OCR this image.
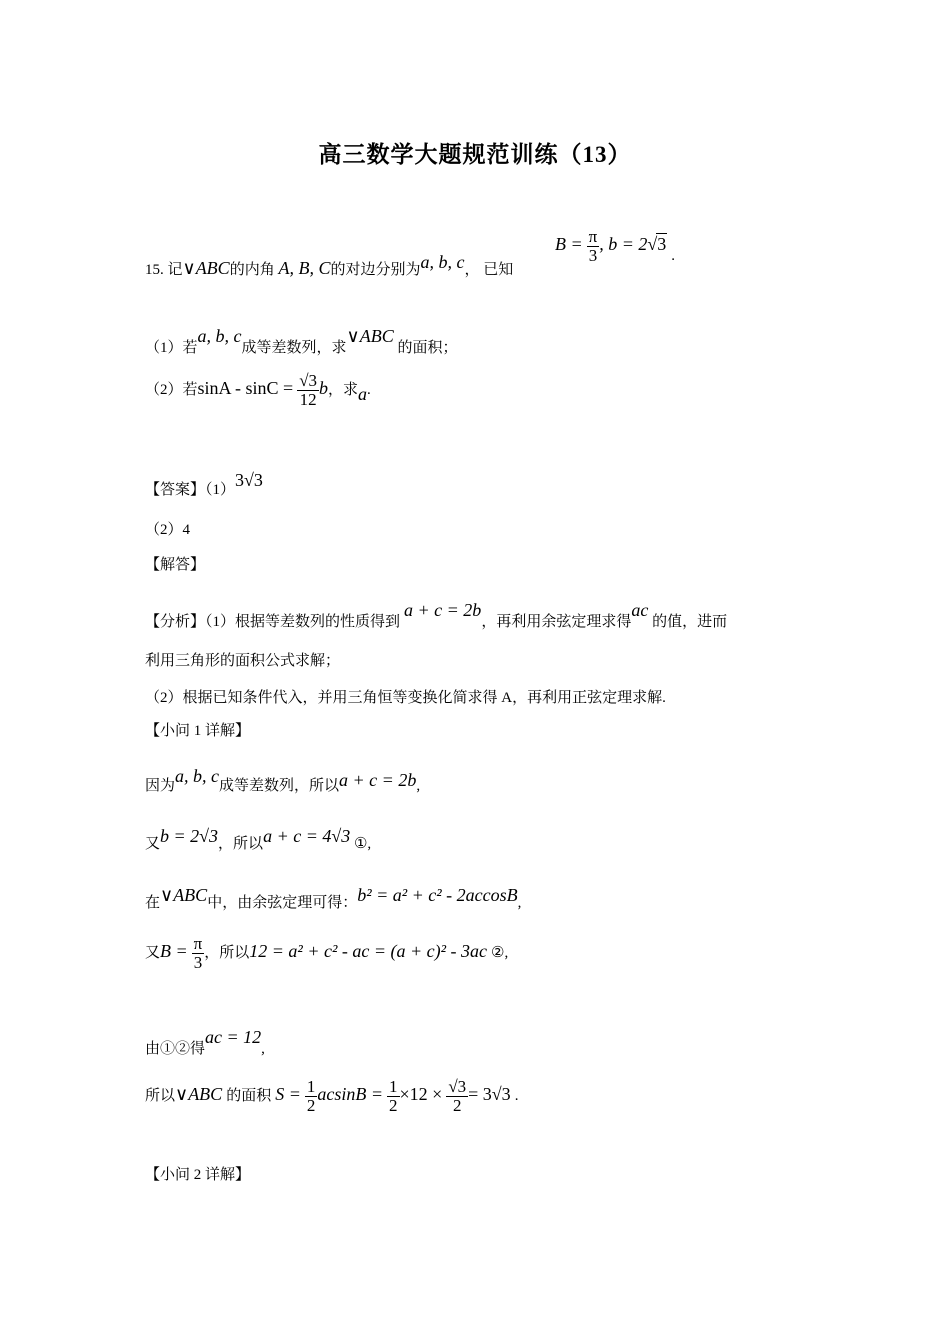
高三数学大题规范训练（13）
15. 记∨ABC的内角 A, B, C的对边分别为a, b, c， 已知
$B = \frac{\pi}{3}$ , b = 2√3 .
（1）若a, b, c成等差数列，求∨ABC 的面积；
（2）若$\sin A - \sin C = \frac{√3}{12}$ b，求a.
【答案】（1）3√3
（2）4
【解答】
【分析】（1）根据等差数列的性质得到a + c = 2b，再利用余弦定理求得ac 的值，进而
利用三角形的面积公式求解；
（2）根据已知条件代入，并用三角恒等变换化简求得 A，再利用正弦定理求解.
【小问 1 详解】
因为a, b, c成等差数列，所以a + c = 2b,
又b = 2√3，所以a + c = 4√3 ①,
在∨ABC中，由余弦定理可得：b² = a² + c² - 2accosB,
又$B = \frac{\pi}{3}$ ，所以12 = a² + c² - ac = (a + c)² - 3ac ②,
由①②得ac = 12,
所以∨ABC 的面积 $S = \frac{1}{2}$ $acsinB = \frac{1}{2} \times 12 \times \frac{√3}{2} = 3√3$ .
【小问 2 详解】
